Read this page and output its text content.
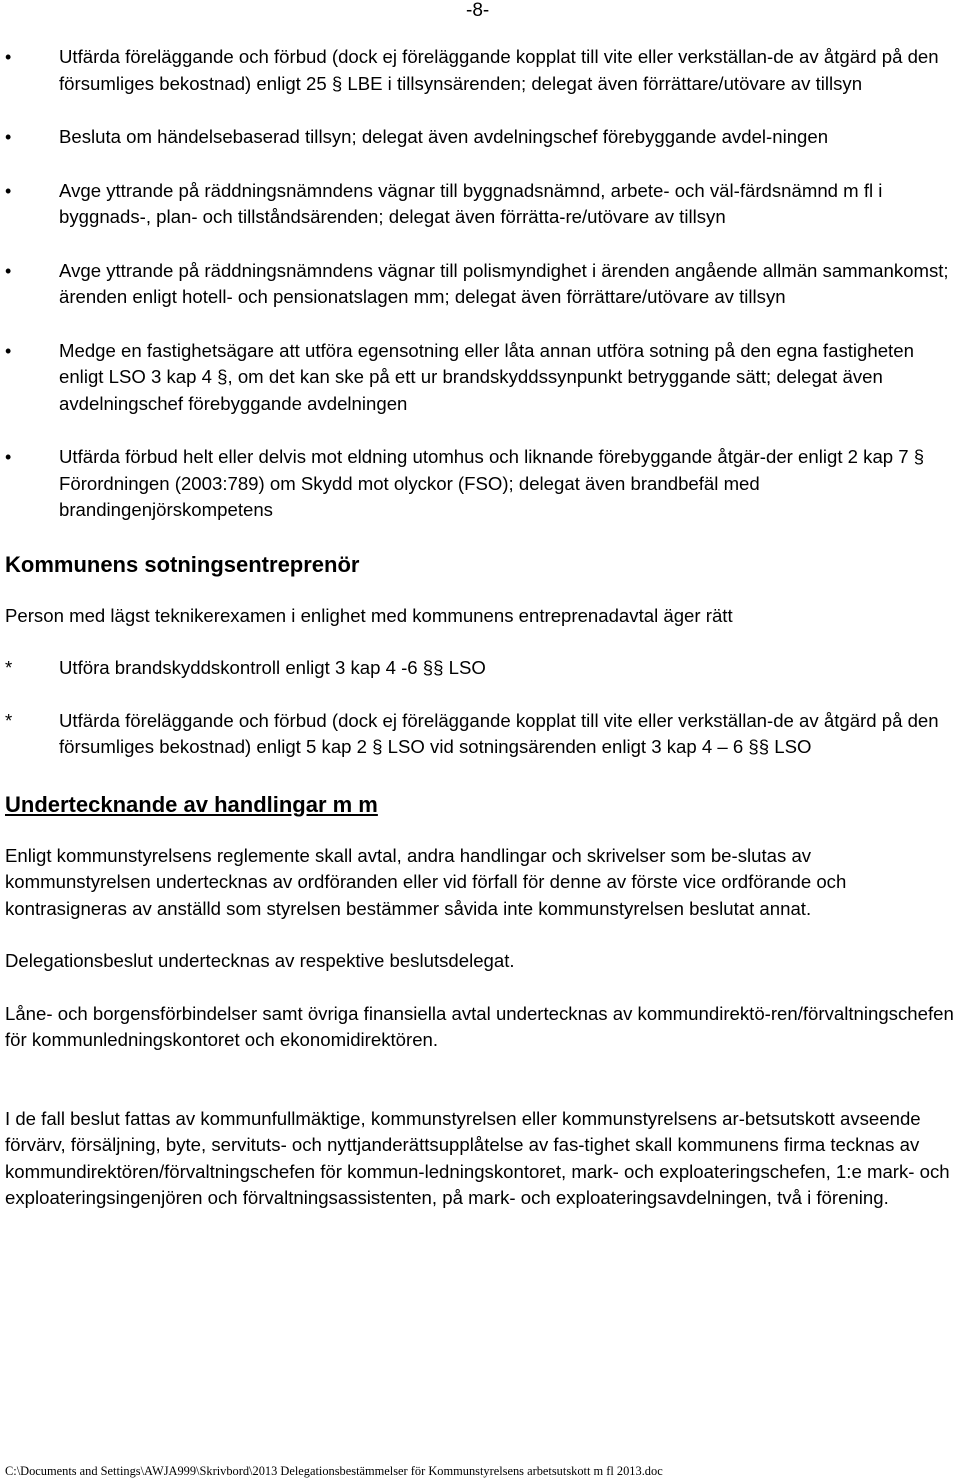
-8-
•	Utfärda föreläggande och förbud (dock ej föreläggande kopplat till vite eller verkställan-de av åtgärd på den försumliges bekostnad) enligt 25 § LBE i tillsynsärenden; delegat även förrättare/utövare av tillsyn
•	Besluta om händelsebaserad tillsyn; delegat även avdelningschef förebyggande avdel-ningen
•	Avge yttrande på räddningsnämndens vägnar till byggnadsnämnd, arbete- och väl-färdsnämnd m fl i byggnads-, plan- och tillståndsärenden; delegat även förrätta-re/utövare av tillsyn
•	Avge yttrande på räddningsnämndens vägnar till polismyndighet i ärenden angående allmän sammankomst; ärenden enligt hotell- och pensionatslagen mm; delegat även förrättare/utövare av tillsyn
•	Medge en fastighetsägare att utföra egensotning eller låta annan utföra sotning på den egna fastigheten enligt LSO 3 kap 4 §, om det kan ske på ett ur brandskyddssynpunkt betryggande sätt; delegat även avdelningschef förebyggande avdelningen
•	Utfärda förbud helt eller delvis mot eldning utomhus och liknande förebyggande åtgär-der enligt 2 kap 7 § Förordningen (2003:789) om Skydd mot olyckor (FSO); delegat även brandbefäl med brandingenjörskompetens
Kommunens sotningsentreprenör

Person med lägst teknikerexamen i enlighet med kommunens entreprenadavtal äger rätt

*	Utföra brandskyddskontroll enligt 3 kap 4 -6 §§ LSO
*	Utfärda föreläggande och förbud (dock ej föreläggande kopplat till vite eller verkställan-de av åtgärd på den försumliges bekostnad) enligt 5 kap 2 § LSO vid sotningsärenden enligt 3 kap 4 – 6 §§ LSO
Undertecknande av handlingar m m

Enligt kommunstyrelsens reglemente skall avtal, andra handlingar och skrivelser som be-slutas av kommunstyrelsen undertecknas av ordföranden eller vid förfall för denne av förste vice ordförande och kontrasigneras av anställd som styrelsen bestämmer såvida inte kommunstyrelsen beslutat annat.

Delegationsbeslut undertecknas av respektive beslutsdelegat.

Låne- och borgensförbindelser samt övriga finansiella avtal undertecknas av kommundirektö-ren/förvaltningschefen för kommunledningskontoret och ekonomidirektören.

I de fall beslut fattas av kommunfullmäktige, kommunstyrelsen eller kommunstyrelsens ar-betsutskott avseende förvärv, försäljning, byte, servituts- och nyttjanderättsupplåtelse av fas-tighet skall kommunens firma tecknas av kommundirektören/förvaltningschefen för kommun-ledningskontoret, mark- och exploateringschefen, 1:e mark- och exploateringsingenjören och förvaltningsassistenten, på mark- och exploateringsavdelningen, två i förening.

C:\Documents and Settings\AWJA999\Skrivbord\2013 Delegationsbestämmelser för Kommunstyrelsens arbetsutskott m fl 2013.doc
